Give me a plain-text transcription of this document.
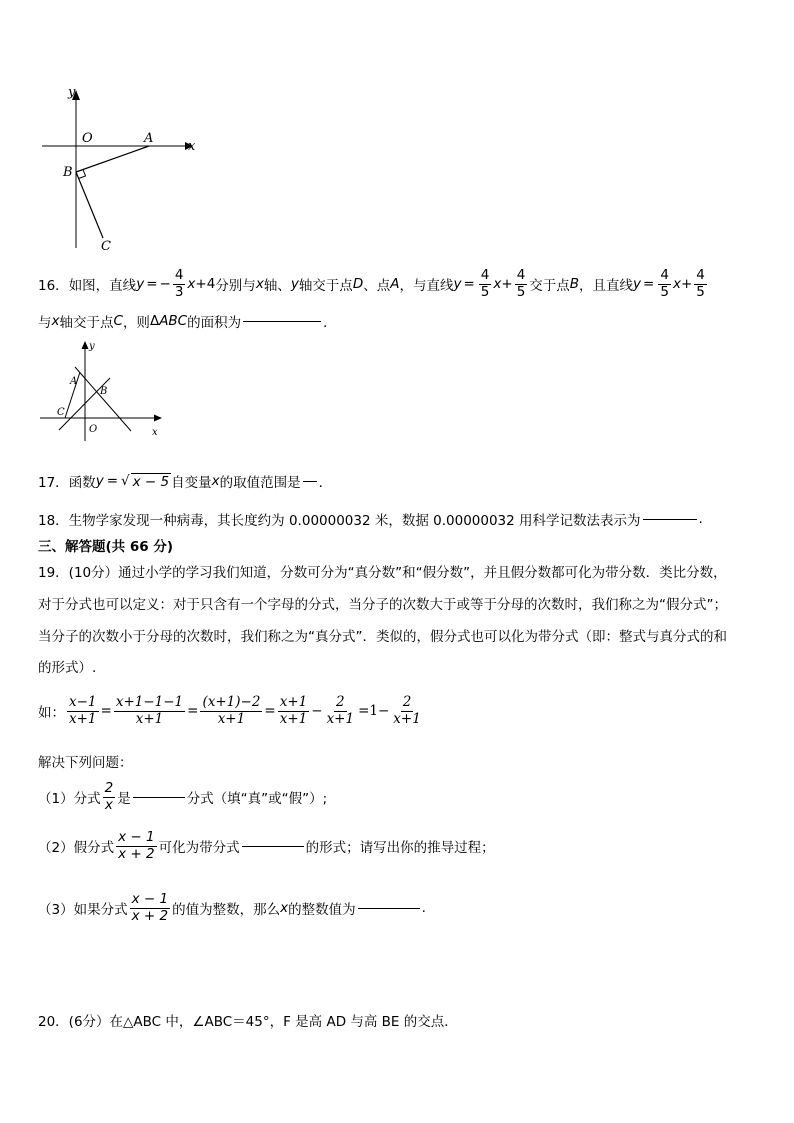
y
x
O	A
B
C
16． 如图，直线 y = − $\frac{4}{3}$ x +4 分别与 x 轴、 y 轴交于点 D 、点 A ，与直线 $y = \frac{4}{5}$ $x + \frac{4}{5}$ 交于点 B ，且直线 $y = \frac{4}{5}$ $x + \frac{4}{5}$
与 x 轴交于点 C ，则 Δ ABC 的面积为	．
y
x
O
A
B
C
17． 函数 y = √ x − 5 自变量 x 的取值范围是 ．
18．生物学家发现一种病毒，其长度约为 0.00000032 米，数据 0.00000032 用科学记数法表示为	.
三、解答题(共 66 分)
19．(10分）通过小学的学习我们知道，分数可分为“真分数”和“假分数”，并且假分数都可化为带分数．类比分数，
对于分式也可以定义：对于只含有一个字母的分式，当分子的次数大于或等于分母的次数时，我们称之为“假分式”；
当分子的次数小于分母的次数时，我们称之为“真分式”．类似的，假分式也可以化为带分式（即：整式与真分式的和
的形式）.
如： $\frac{x-1}{x+1} = \frac{x+1-1-1}{x+1} = \frac{(x+1)-2}{x+1} = \frac{x+1}{x+1} - \frac{2}{x+1} = 1 - \frac{2}{x+1}$
解决下列问题：
（1）分式 $\frac{2}{x}$ 是	分式（填“真”或“假”）;
（2）假分式 $\frac{x - 1}{x + 2}$ 可化为带分式	的形式；请写出你的推导过程；
（3）如果分式 $\frac{x - 1}{x + 2}$ 的值为整数，那么 x 的整数值为	.
20．(6分）在△ABC 中，∠ABC＝45°，F 是高 AD 与高 BE 的交点．
